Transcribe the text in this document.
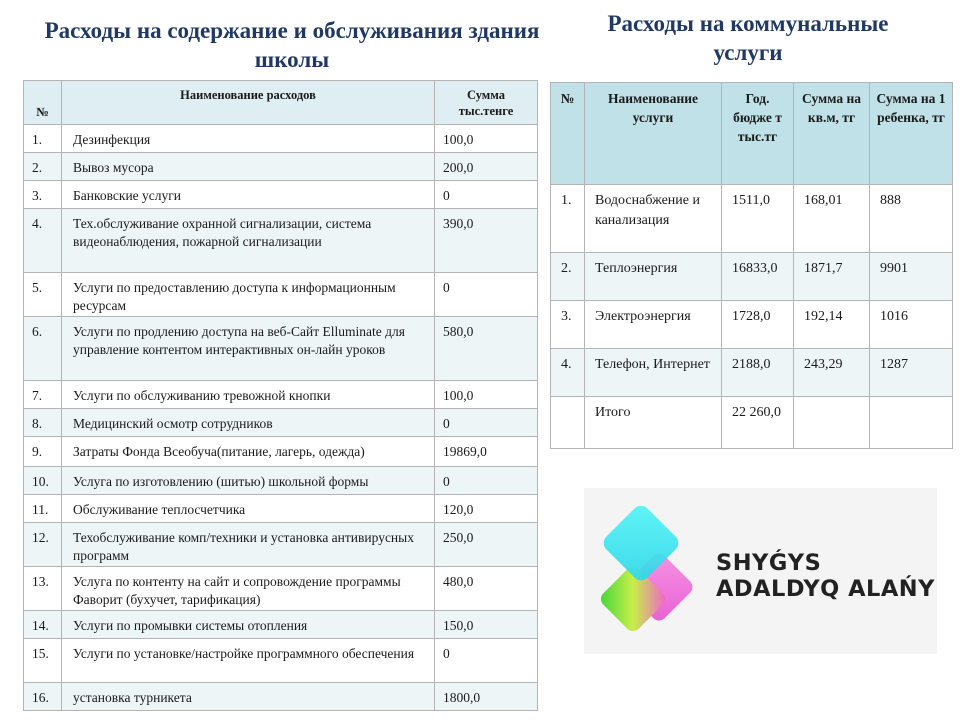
Расходы на содержание и обслуживания здания школы
Расходы на коммунальные услуги
№	Наименование расходов	Сумма тыс.тенге
1.	Дезинфекция	100,0
2.	Вывоз мусора	200,0
3.	Банковские услуги	0
4.	Тех.обслуживание охранной сигнализации, система видеонаблюдения, пожарной сигнализации	390,0
5.	Услуги по предоставлению доступа к информационным ресурсам	0
6.	Услуги по продлению доступа на веб-Сайт Elluminate для управление контентом интерактивных он-лайн уроков	580,0
7.	Услуги по обслуживанию тревожной кнопки	100,0
8.	Медицинский осмотр сотрудников	0
9.	Затраты Фонда Всеобуча(питание, лагерь, одежда)	19869,0
10.	Услуга по изготовлению (шитью) школьной формы	0
11.	Обслуживание теплосчетчика	120,0
12.	Техобслуживание комп/техники и установка антивирусных программ	250,0
13.	Услуга по контенту на сайт и сопровождение программы Фаворит (бухучет, тарификация)	480,0
14.	Услуги по промывки системы отопления	150,0
15.	Услуги по установке/настройке программного обеспечения	0
16.	установка турникета	1800,0
№	Наименование услуги	Год. бюдже т тыс.тг	Сумма на кв.м, тг	Сумма на 1 ребенка, тг
1.	Водоснабжение и канализация	1511,0	168,01	888
2.	Теплоэнергия	16833,0	1871,7	9901
3.	Электроэнергия	1728,0	192,14	1016
4.	Телефон, Интернет	2188,0	243,29	1287
	Итого	22 260,0		
SHYǴYS
ADALDYQ ALAŃY
